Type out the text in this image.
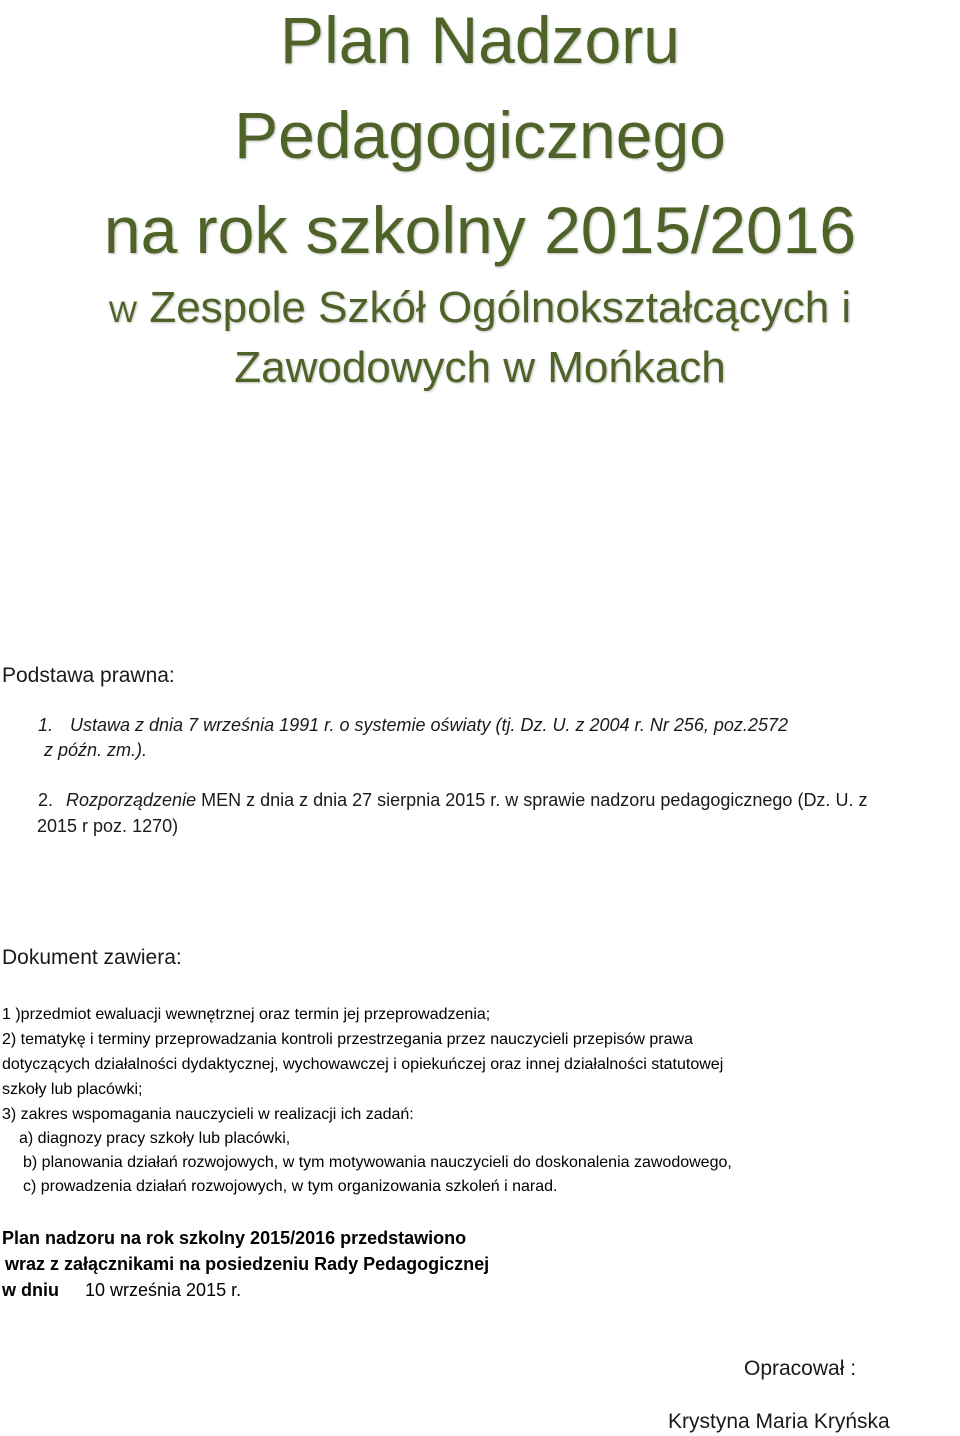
Plan Nadzoru
Pedagogicznego
na rok szkolny 2015/2016
W Zespole Szkół Ogólnokształcących i
Zawodowych w Mońkach
Podstawa prawna:
1. Ustawa z dnia 7 września 1991 r. o systemie oświaty (tj. Dz. U. z 2004 r. Nr 256, poz.2572
z późn. zm.).
2. Rozporządzenie MEN z dnia z dnia 27 sierpnia 2015 r. w sprawie nadzoru pedagogicznego (Dz. U. z
2015 r poz. 1270)
Dokument zawiera:
1 )przedmiot ewaluacji wewnętrznej oraz termin jej przeprowadzenia;
2) tematykę i terminy przeprowadzania kontroli przestrzegania przez nauczycieli przepisów prawa
dotyczących działalności dydaktycznej, wychowawczej i opiekuńczej oraz innej działalności statutowej
szkoły lub placówki;
3) zakres wspomagania nauczycieli w realizacji ich zadań:
a) diagnozy pracy szkoły lub placówki,
b) planowania działań rozwojowych, w tym motywowania nauczycieli do doskonalenia zawodowego,
c) prowadzenia działań rozwojowych, w tym organizowania szkoleń i narad.
Plan nadzoru na rok szkolny 2015/2016 przedstawiono
wraz z załącznikami na posiedzeniu Rady Pedagogicznej
w dniu 10 września 2015 r.
Opracował :
Krystyna Maria Kryńska
